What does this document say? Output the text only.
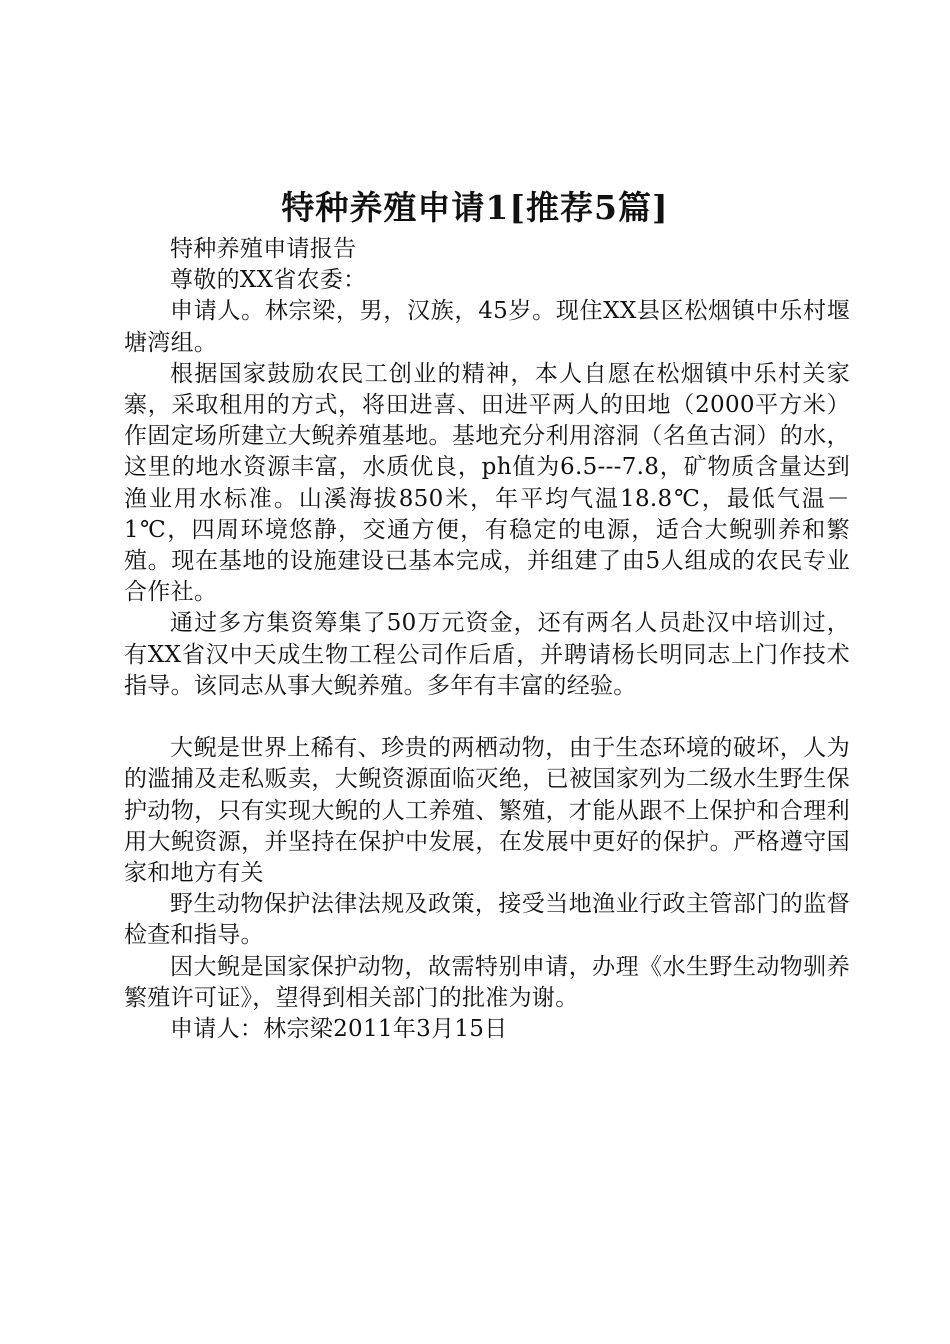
特种养殖申请1[推荐5篇]

特种养殖申请报告

尊敬的XX省农委：

申请人。林宗梁，男，汉族，45岁。现住XX县区松烟镇中乐村堰塘湾组。

根据国家鼓励农民工创业的精神，本人自愿在松烟镇中乐村关家寨，采取租用的方式，将田进喜、田进平两人的田地（2000平方米）作固定场所建立大鲵养殖基地。基地充分利用溶洞（名鱼古洞）的水，这里的地水资源丰富，水质优良，ph值为6.5---7.8，矿物质含量达到渔业用水标准。山溪海拔850米，年平均气温18.8℃，最低气温－1℃，四周环境悠静，交通方便，有稳定的电源，适合大鲵驯养和繁殖。现在基地的设施建设已基本完成，并组建了由5人组成的农民专业合作社。

通过多方集资筹集了50万元资金，还有两名人员赴汉中培训过，有XX省汉中天成生物工程公司作后盾，并聘请杨长明同志上门作技术指导。该同志从事大鲵养殖。多年有丰富的经验。

大鲵是世界上稀有、珍贵的两栖动物，由于生态环境的破坏，人为的滥捕及走私贩卖，大鲵资源面临灭绝，已被国家列为二级水生野生保护动物，只有实现大鲵的人工养殖、繁殖，才能从跟不上保护和合理利用大鲵资源，并坚持在保护中发展，在发展中更好的保护。严格遵守国家和地方有关

野生动物保护法律法规及政策，接受当地渔业行政主管部门的监督检查和指导。

因大鲵是国家保护动物，故需特别申请，办理《水生野生动物驯养繁殖许可证》，望得到相关部门的批准为谢。

申请人：林宗梁2011年3月15日
